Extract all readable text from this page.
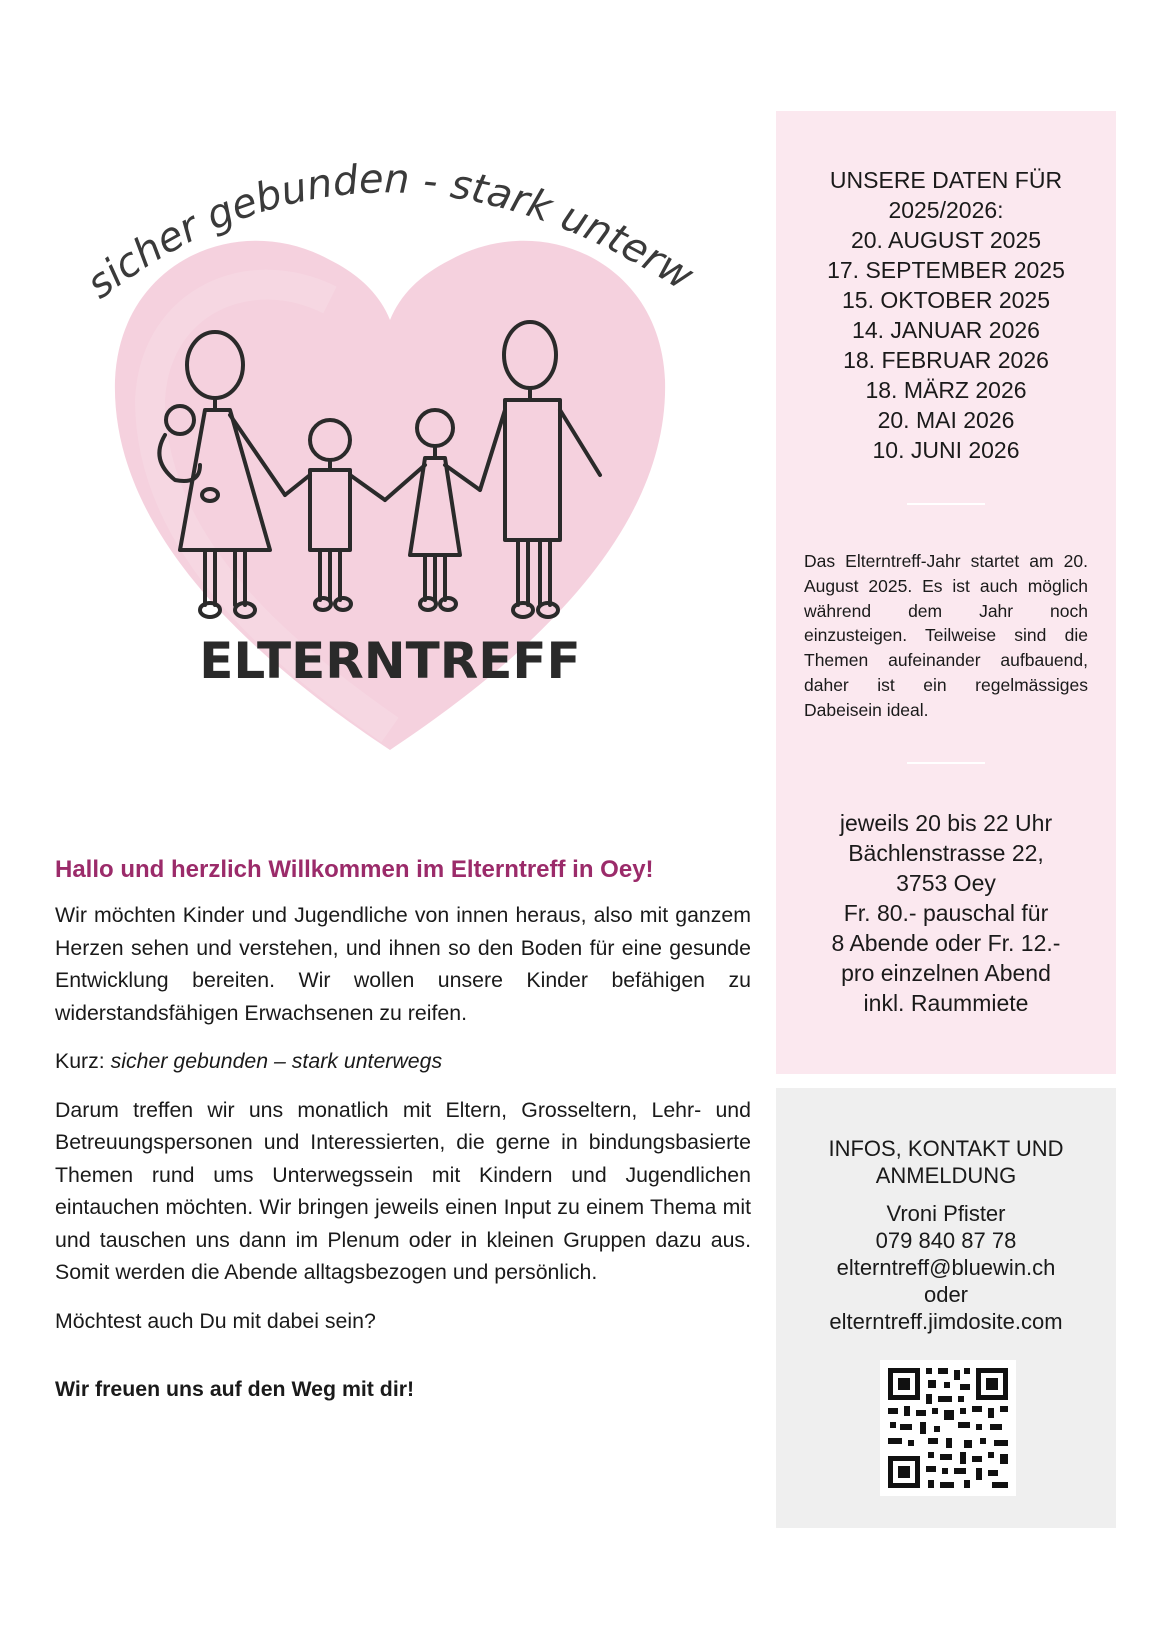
sicher gebunden - stark unterw
ELTERNTREFF
UNSERE DATEN FÜR
2025/2026:
20. AUGUST 2025
17. SEPTEMBER 2025
15. OKTOBER 2025
14. JANUAR 2026
18. FEBRUAR 2026
18. MÄRZ 2026
20. MAI 2026
10. JUNI 2026
Das Elterntreff-Jahr startet am 20. August 2025. Es ist auch möglich während dem Jahr noch einzusteigen. Teilweise sind die Themen aufeinander aufbauend, daher ist ein regelmässiges Dabeisein ideal.
jeweils 20 bis 22 Uhr
Bächlenstrasse 22,
3753 Oey
Fr. 80.- pauschal für
8 Abende oder Fr. 12.-
pro einzelnen Abend
inkl. Raummiete
INFOS, KONTAKT UND
ANMELDUNG
Vroni Pfister
079 840 87 78
elterntreff@bluewin.ch
oder
elterntreff.jimdosite.com
Hallo und herzlich Willkommen im Elterntreff in Oey!

Wir möchten Kinder und Jugendliche von innen heraus, also mit ganzem Herzen sehen und verstehen, und ihnen so den Boden für eine gesunde Entwicklung bereiten. Wir wollen unsere Kinder befähigen zu widerstandsfähigen Erwachsenen zu reifen.

Kurz: sicher gebunden – stark unterwegs

Darum treffen wir uns monatlich mit Eltern, Grosseltern, Lehr- und Betreuungspersonen und Interessierten, die gerne in bindungsbasierte Themen rund ums Unterwegssein mit Kindern und Jugendlichen eintauchen möchten. Wir bringen jeweils einen Input zu einem Thema mit und tauschen uns dann im Plenum oder in kleinen Gruppen dazu aus. Somit werden die Abende alltagsbezogen und persönlich.

Möchtest auch Du mit dabei sein?

Wir freuen uns auf den Weg mit dir!
